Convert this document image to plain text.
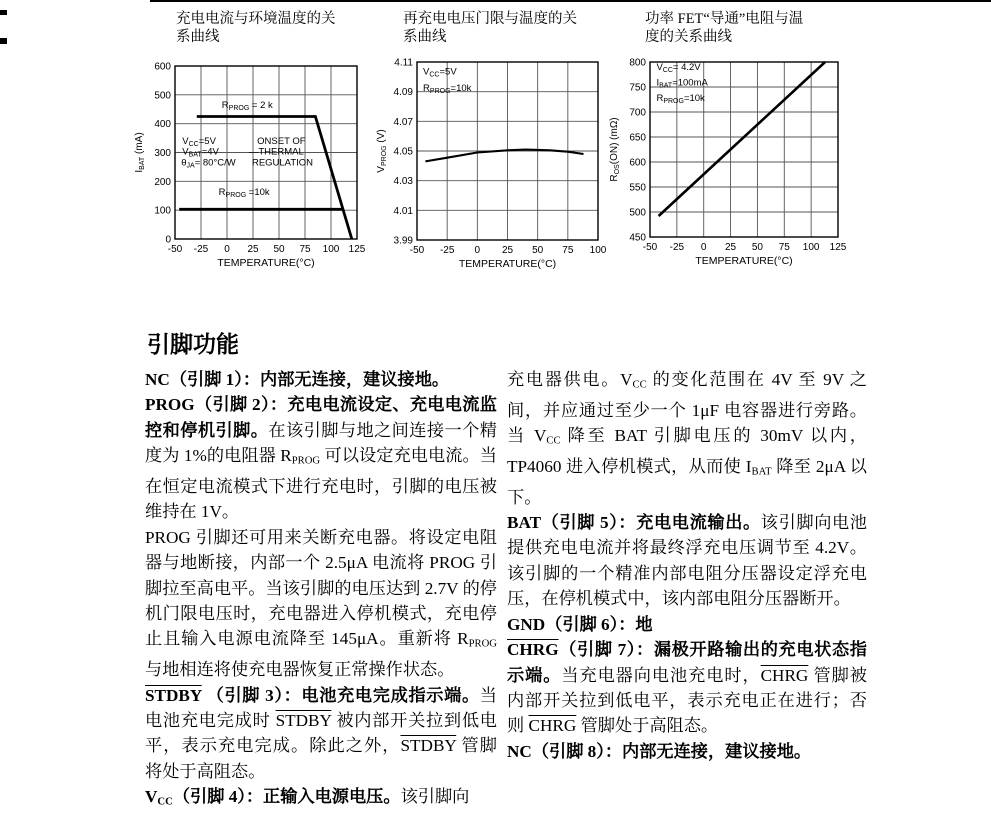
充电电流与环境温度的关
系曲线
再充电电压门限与温度的关
系曲线
功率 FET“导通”电阻与温
度的关系曲线
-50 -25 0 25 50 75 100 125
0
100
200
300
400
500
600
TEMPERATURE(°C)
$I_{BAT}$ (mA)
$R_{PROG} = 2$ k
$R_{PROG} =10k$
$V_{CC}=5V$
$V_{BAT}=4V$
$\theta_{JA}= 80^\circ C/W$
ONSET OF
—THERMAL
REGULATION
-50 -25 0 25 50 75 100
3.99
4.01
4.03
4.05
4.07
4.09
4.11
TEMPERATURE(°C)
$V_{PROG}$ (V)
$V_{CC}=5V$
$R_{PROG}=10k$
-50 -25 0 25 50 75 100 125
450
500
550
600
650
700
750
800
TEMPERATURE(°C)
$R_{OS}(ON)$ (mΩ)
$V_{CC}= 4.2V$
$I_{BAT}=100mA$
$R_{PROG}=10k$
引脚功能

NC（引脚 1）：内部无连接，建议接地。

PROG（引脚 2）：充电电流设定、充电电流监控和停机引脚。在该引脚与地之间连接一个精度为 1%的电阻器 $R_{PROG}$ 可以设定充电电流。当在恒定电流模式下进行充电时，引脚的电压被维持在 1V。

PROG 引脚还可用来关断充电器。将设定电阻器与地断接，内部一个 2.5μA 电流将 PROG 引脚拉至高电平。当该引脚的电压达到 2.7V 的停机门限电压时，充电器进入停机模式，充电停止且输入电源电流降至 145μA。重新将 $R_{PROG}$ 与地相连将使充电器恢复正常操作状态。

STDBY （引脚 3）：电池充电完成指示端。当电池充电完成时 STDBY 被内部开关拉到低电平，表示充电完成。除此之外，STDBY 管脚将处于高阻态。

$V_{CC}$（引脚 4）：正输入电源电压。该引脚向

充电器供电。$V_{CC}$ 的变化范围在 4V 至 9V 之间，并应通过至少一个 1μF 电容器进行旁路。当 $V_{CC}$ 降至 BAT 引脚电压的 30mV 以内，TP4060 进入停机模式，从而使 $I_{BAT}$ 降至 2μA 以下。

BAT（引脚 5）：充电电流输出。该引脚向电池提供充电电流并将最终浮充电压调节至 4.2V。该引脚的一个精准内部电阻分压器设定浮充电压，在停机模式中，该内部电阻分压器断开。

GND（引脚 6）：地

CHRG（引脚 7）：漏极开路输出的充电状态指示端。当充电器向电池充电时，CHRG 管脚被内部开关拉到低电平，表示充电正在进行；否则 CHRG 管脚处于高阻态。

NC（引脚 8）：内部无连接，建议接地。
